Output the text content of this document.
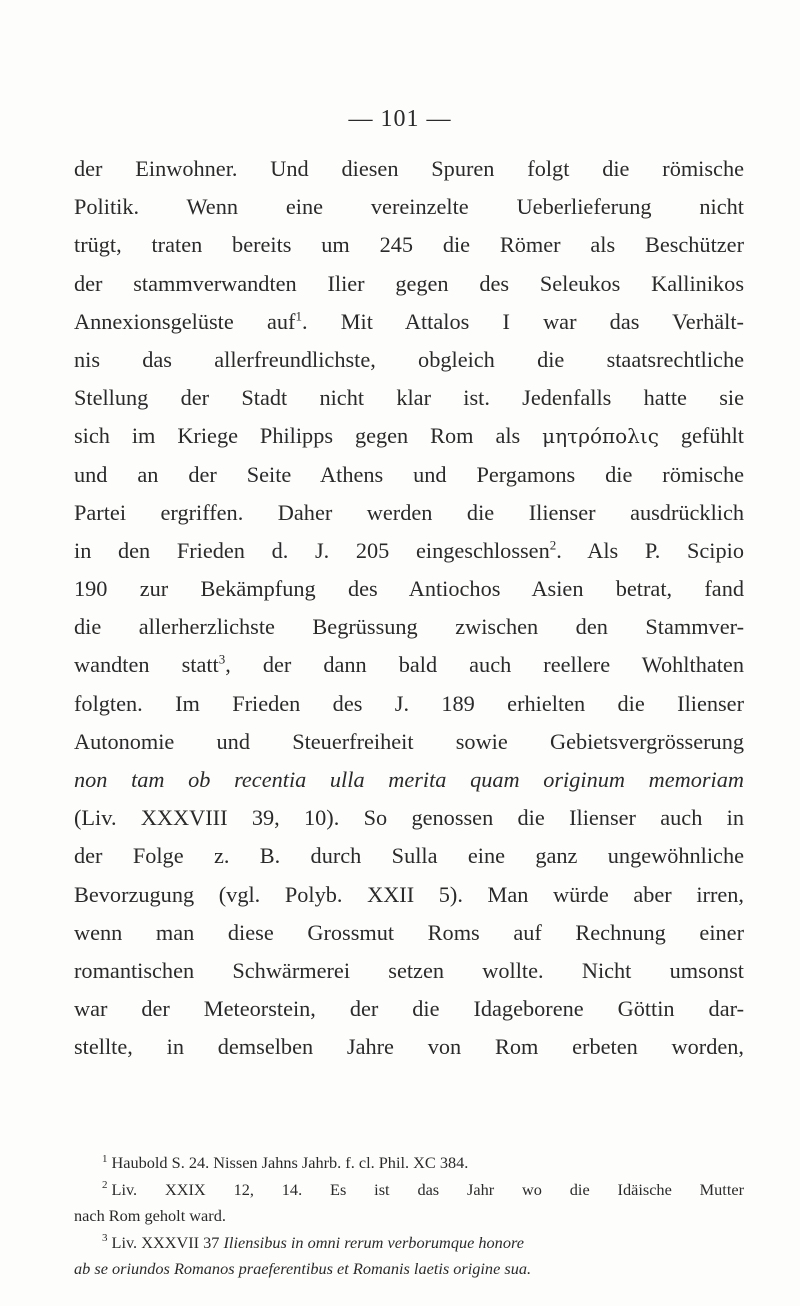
— 101 —
der Einwohner. Und diesen Spuren folgt die römische
Politik. Wenn eine vereinzelte Ueberlieferung nicht
trügt, traten bereits um 245 die Römer als Beschützer
der stammverwandten Ilier gegen des Seleukos Kallinikos
Annexionsgelüste auf$^1$. Mit Attalos I war das Verhält-
nis das allerfreundlichste, obgleich die staatsrechtliche
Stellung der Stadt nicht klar ist. Jedenfalls hatte sie
sich im Kriege Philipps gegen Rom als μητρόπολις gefühlt
und an der Seite Athens und Pergamons die römische
Partei ergriffen. Daher werden die Ilienser ausdrücklich
in den Frieden d. J. 205 eingeschlossen$^2$. Als P. Scipio
190 zur Bekämpfung des Antiochos Asien betrat, fand
die allerherzlichste Begrüssung zwischen den Stammver-
wandten statt$^3$, der dann bald auch reellere Wohlthaten
folgten. Im Frieden des J. 189 erhielten die Ilienser
Autonomie und Steuerfreiheit sowie Gebietsvergrösserung
non tam ob recentia ulla merita quam originum memoriam
(Liv. XXXVIII 39, 10). So genossen die Ilienser auch in
der Folge z. B. durch Sulla eine ganz ungewöhnliche
Bevorzugung (vgl. Polyb. XXII 5). Man würde aber irren,
wenn man diese Grossmut Roms auf Rechnung einer
romantischen Schwärmerei setzen wollte. Nicht umsonst
war der Meteorstein, der die Idageborene Göttin dar-
stellte, in demselben Jahre von Rom erbeten worden,
$^1$ Haubold S. 24. Nissen Jahns Jahrb. f. cl. Phil. XC 384.
$^2$ Liv. XXIX 12, 14. Es ist das Jahr wo die Idäische Mutter
nach Rom geholt ward.
$^3$ Liv. XXXVII 37 Iliensibus in omni rerum verborumque honore
ab se oriundos Romanos praeferentibus et Romanis laetis origine sua.
